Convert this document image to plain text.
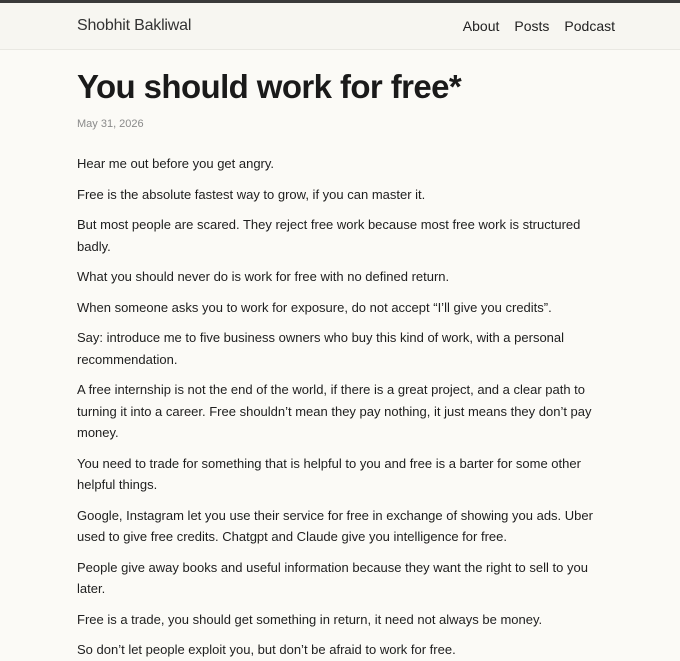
Shobhit Bakliwal	About Posts Podcast
You should work for free*
May 31, 2026

Hear me out before you get angry.

Free is the absolute fastest way to grow, if you can master it.

But most people are scared. They reject free work because most free work is structured badly.

What you should never do is work for free with no defined return.

When someone asks you to work for exposure, do not accept “I’ll give you credits”.

Say: introduce me to five business owners who buy this kind of work, with a personal recommendation.

A free internship is not the end of the world, if there is a great project, and a clear path to turning it into a career. Free shouldn’t mean they pay nothing, it just means they don’t pay money.

You need to trade for something that is helpful to you and free is a barter for some other helpful things.

Google, Instagram let you use their service for free in exchange of showing you ads. Uber used to give free credits. Chatgpt and Claude give you intelligence for free.

People give away books and useful information because they want the right to sell to you later.

Free is a trade, you should get something in return, it need not always be money.

So don’t let people exploit you, but don’t be afraid to work for free.
